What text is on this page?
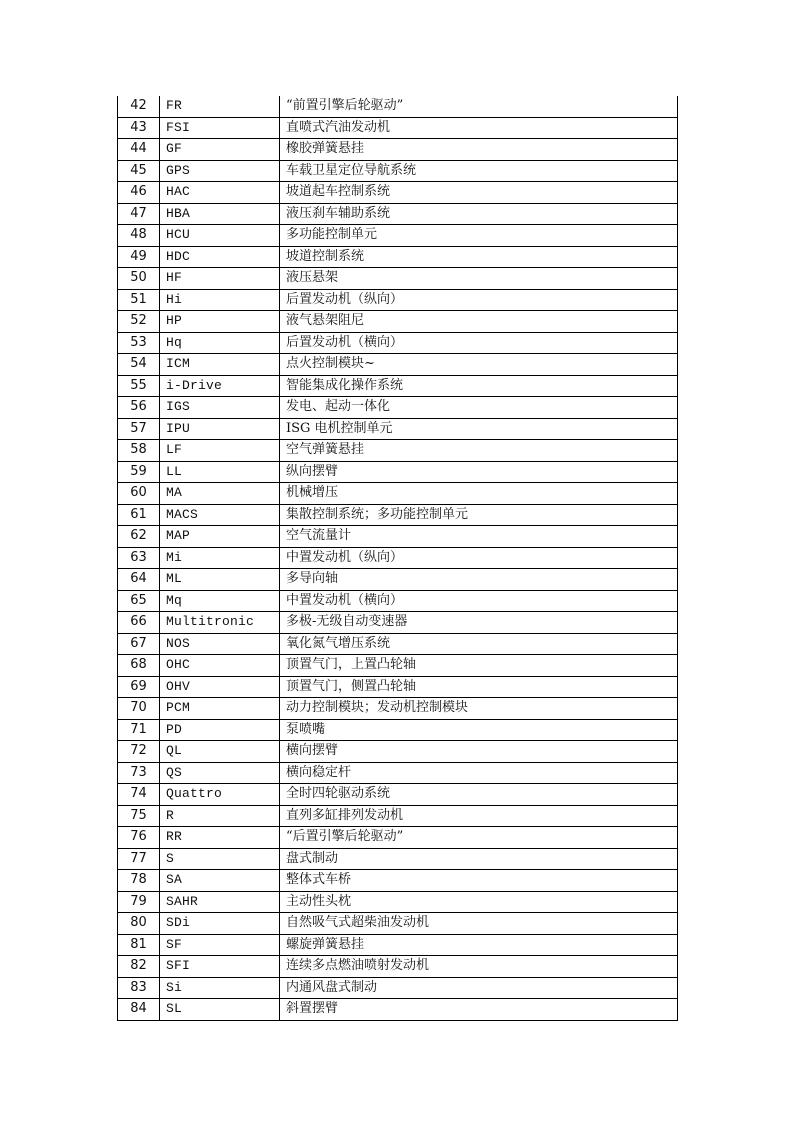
42	FR	“前置引擎后轮驱动”
43	FSI	直喷式汽油发动机
44	GF	橡胶弹簧悬挂
45	GPS	车载卫星定位导航系统
46	HAC	坡道起车控制系统
47	HBA	液压刹车辅助系统
48	HCU	多功能控制单元
49	HDC	坡道控制系统
50	HF	液压悬架
51	Hi	后置发动机（纵向）
52	HP	液气悬架阻尼
53	Hq	后置发动机（横向）
54	ICM	点火控制模块~
55	i-Drive	智能集成化操作系统
56	IGS	发电、起动一体化
57	IPU	ISG 电机控制单元
58	LF	空气弹簧悬挂
59	LL	纵向摆臂
60	MA	机械增压
61	MACS	集散控制系统；多功能控制单元
62	MAP	空气流量计
63	Mi	中置发动机（纵向）
64	ML	多导向轴
65	Mq	中置发动机（横向）
66	Multitronic	多极-无级自动变速器
67	NOS	氧化氮气增压系统
68	OHC	顶置气门，上置凸轮轴
69	OHV	顶置气门，侧置凸轮轴
70	PCM	动力控制模块；发动机控制模块
71	PD	泵喷嘴
72	QL	横向摆臂
73	QS	横向稳定杆
74	Quattro	全时四轮驱动系统
75	R	直列多缸排列发动机
76	RR	“后置引擎后轮驱动”
77	S	盘式制动
78	SA	整体式车桥
79	SAHR	主动性头枕
80	SDi	自然吸气式超柴油发动机
81	SF	螺旋弹簧悬挂
82	SFI	连续多点燃油喷射发动机
83	Si	内通风盘式制动
84	SL	斜置摆臂
